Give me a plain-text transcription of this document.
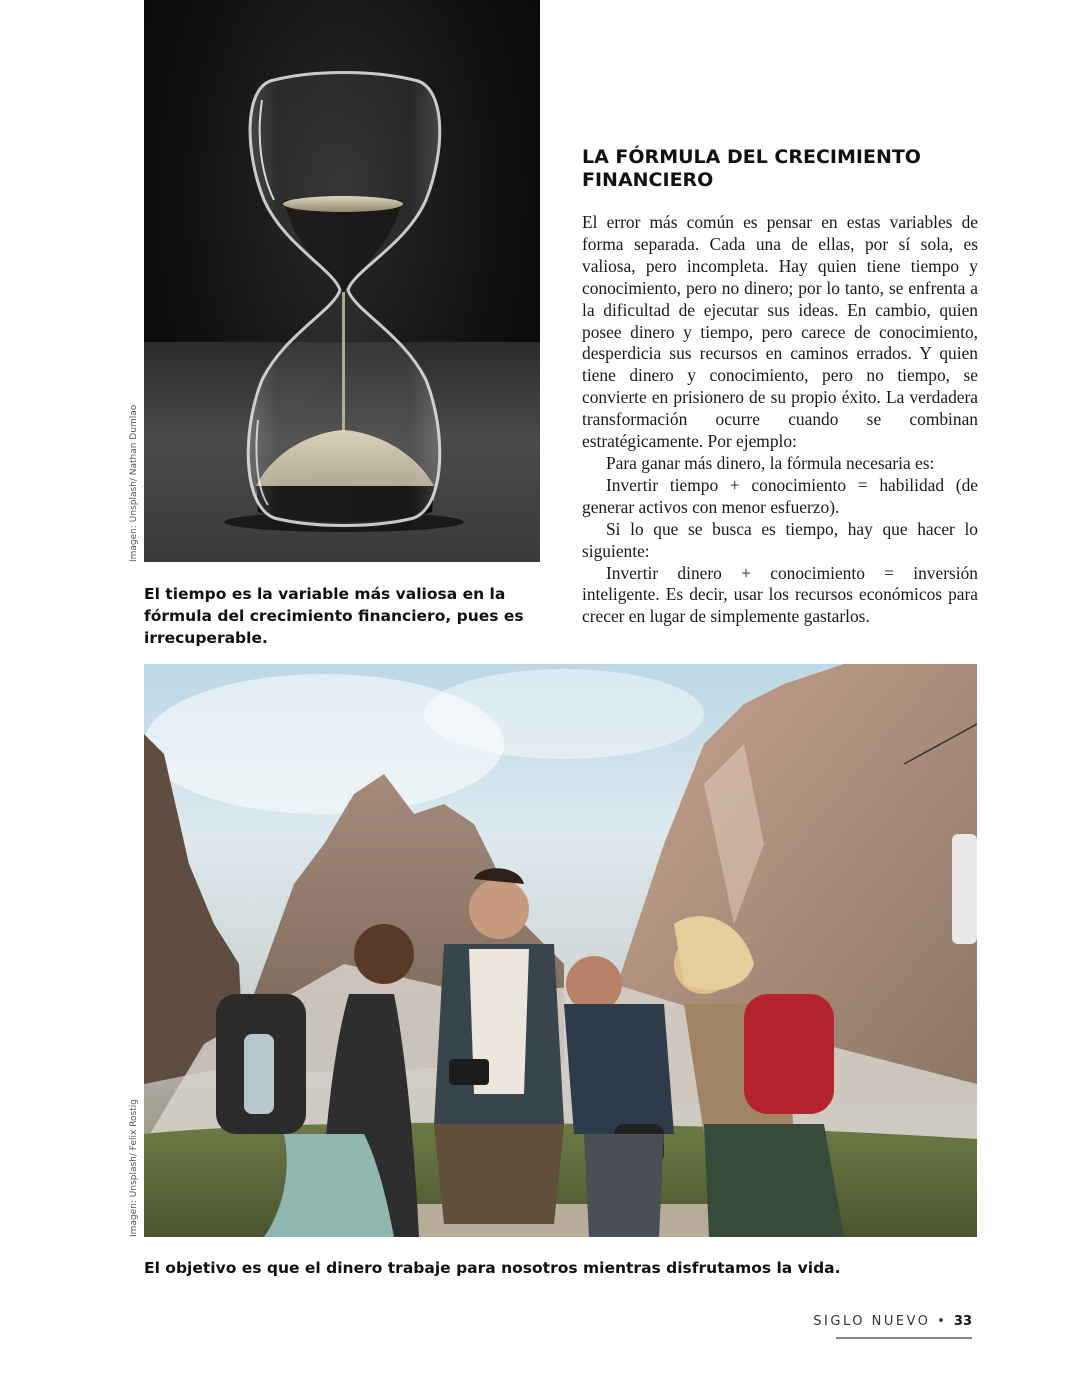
Imagen: Unsplash/ Nathan Dumlao
El tiempo es la variable más valiosa en la fórmula del crecimiento financiero, pues es irrecuperable.
LA FÓRMULA DEL CRECIMIENTO FINANCIERO

El error más común es pensar en estas variables de forma separada. Cada una de ellas, por sí sola, es valiosa, pero incompleta. Hay quien tiene tiempo y conocimiento, pero no dinero; por lo tanto, se enfrenta a la dificultad de ejecutar sus ideas. En cambio, quien posee dinero y tiempo, pero carece de conocimiento, desperdicia sus recursos en caminos errados. Y quien tiene dinero y conocimiento, pero no tiempo, se convierte en prisionero de su propio éxito. La verdadera transformación ocurre cuando se combinan estratégicamente. Por ejemplo:

Para ganar más dinero, la fórmula necesaria es:

Invertir tiempo + conocimiento = habilidad (de generar activos con menor esfuerzo).

Si lo que se busca es tiempo, hay que hacer lo siguiente:

Invertir dinero + conocimiento = inversión inteligente. Es decir, usar los recursos económicos para crecer en lugar de simplemente gastarlos.

Imagen: Unsplash/ Felix Rostig
El objetivo es que el dinero trabaje para nosotros mientras disfrutamos la vida.
SIGLO NUEVO • 33
